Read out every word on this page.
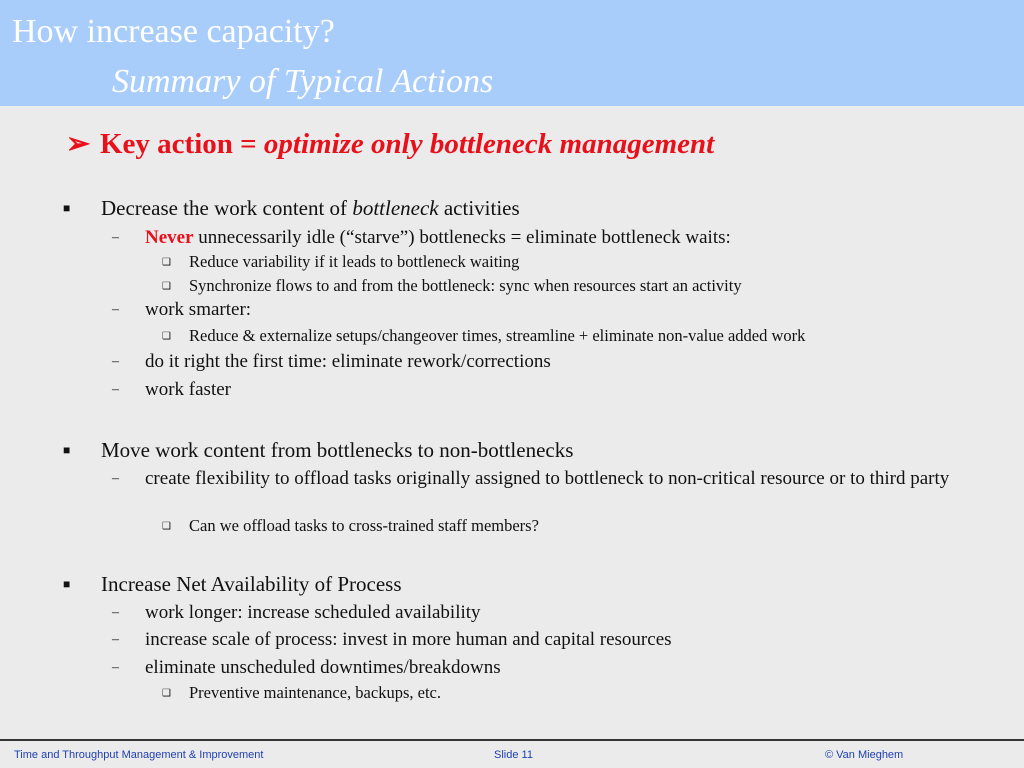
How increase capacity?
Summary of Typical Actions
➢ Key action = optimize only bottleneck management
■ Decrease the work content of bottleneck activities
– Never unnecessarily idle (“starve”) bottlenecks = eliminate bottleneck waits:
❑ Reduce variability if it leads to bottleneck waiting
❑ Synchronize flows to and from the bottleneck: sync when resources start an activity
– work smarter:
❑ Reduce & externalize setups/changeover times, streamline + eliminate non-value added work
– do it right the first time: eliminate rework/corrections
– work faster
■ Move work content from bottlenecks to non-bottlenecks
–	create flexibility to offload tasks originally assigned to bottleneck to non-critical resource or to third party
❑ Can we offload tasks to cross-trained staff members?
■ Increase Net Availability of Process
– work longer: increase scheduled availability
– increase scale of process: invest in more human and capital resources
– eliminate unscheduled downtimes/breakdowns
❑ Preventive maintenance, backups, etc.
Time and Throughput Management & Improvement	Slide 11	© Van Mieghem
